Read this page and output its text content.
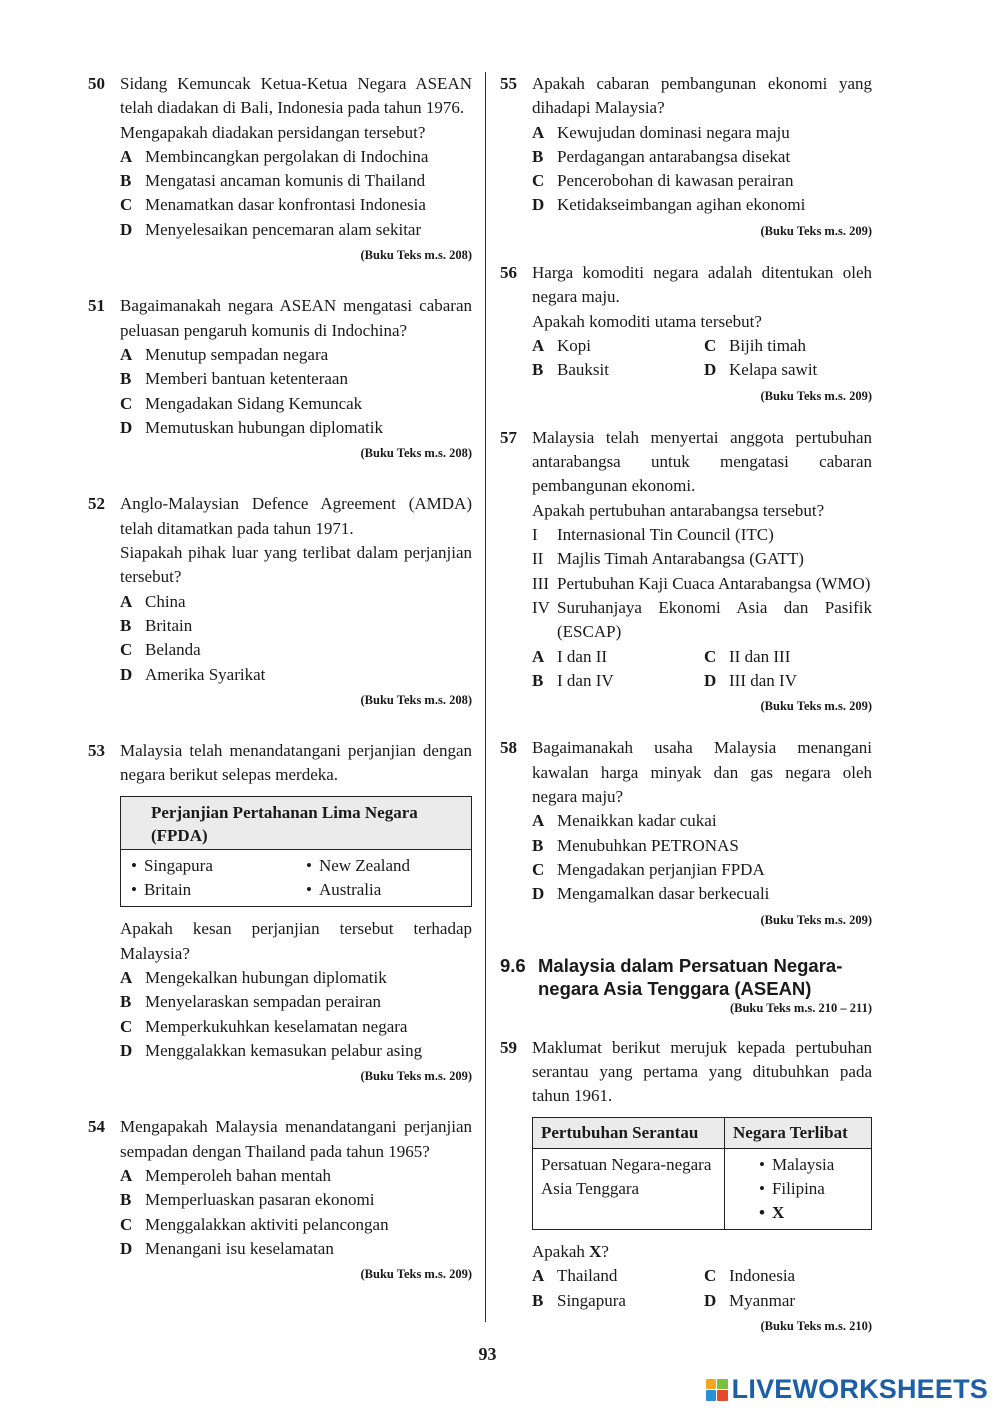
50 Sidang Kemuncak Ketua-Ketua Negara ASEAN telah diadakan di Bali, Indonesia pada tahun 1976.
Mengapakah diadakan persidangan tersebut?
A Membincangkan pergolakan di Indochina
B Mengatasi ancaman komunis di Thailand
C Menamatkan dasar konfrontasi Indonesia
D Menyelesaikan pencemaran alam sekitar
(Buku Teks m.s. 208)
51 Bagaimanakah negara ASEAN mengatasi cabaran peluasan pengaruh komunis di Indochina?
A Menutup sempadan negara
B Memberi bantuan ketenteraan
C Mengadakan Sidang Kemuncak
D Memutuskan hubungan diplomatik
(Buku Teks m.s. 208)
52 Anglo-Malaysian Defence Agreement (AMDA) telah ditamatkan pada tahun 1971.
Siapakah pihak luar yang terlibat dalam perjanjian tersebut?
A China
B Britain
C Belanda
D Amerika Syarikat
(Buku Teks m.s. 208)
53 Malaysia telah menandatangani perjanjian dengan negara berikut selepas merdeka.
Perjanjian Pertahanan Lima Negara (FPDA)
• Singapura	• New Zealand
• Britain	• Australia
Apakah kesan perjanjian tersebut terhadap Malaysia?
A Mengekalkan hubungan diplomatik
B Menyelaraskan sempadan perairan
C Memperkukuhkan keselamatan negara
D Menggalakkan kemasukan pelabur asing
(Buku Teks m.s. 209)
54 Mengapakah Malaysia menandatangani perjanjian sempadan dengan Thailand pada tahun 1965?
A Memperoleh bahan mentah
B Memperluaskan pasaran ekonomi
C Menggalakkan aktiviti pelancongan
D Menangani isu keselamatan
(Buku Teks m.s. 209)
55 Apakah cabaran pembangunan ekonomi yang dihadapi Malaysia?
A Kewujudan dominasi negara maju
B Perdagangan antarabangsa disekat
C Pencerobohan di kawasan perairan
D Ketidakseimbangan agihan ekonomi
(Buku Teks m.s. 209)
56 Harga komoditi negara adalah ditentukan oleh negara maju.
Apakah komoditi utama tersebut?
A Kopi	C Bijih timah
B Bauksit	D Kelapa sawit
(Buku Teks m.s. 209)
57 Malaysia telah menyertai anggota pertubuhan antarabangsa untuk mengatasi cabaran pembangunan ekonomi.
Apakah pertubuhan antarabangsa tersebut?
I	Internasional Tin Council (ITC)
II Majlis Timah Antarabangsa (GATT)
III Pertubuhan Kaji Cuaca Antarabangsa (WMO)
IV Suruhanjaya Ekonomi Asia dan Pasifik (ESCAP)
A I dan II	C II dan III
B I dan IV	D III dan IV
(Buku Teks m.s. 209)
58 Bagaimanakah usaha Malaysia menangani kawalan harga minyak dan gas negara oleh negara maju?
A Menaikkan kadar cukai
B Menubuhkan PETRONAS
C Mengadakan perjanjian FPDA
D Mengamalkan dasar berkecuali
(Buku Teks m.s. 209)
9.6 Malaysia dalam Persatuan Negara-negara Asia Tenggara (ASEAN)
(Buku Teks m.s. 210 – 211)
59 Maklumat berikut merujuk kepada pertubuhan serantau yang pertama yang ditubuhkan pada tahun 1961.
Pertubuhan Serantau	Negara Terlibat
Persatuan Negara-negara Asia Tenggara	• Malaysia
• Filipina
• X
Apakah X?
A Thailand	C Indonesia
B Singapura	D Myanmar
(Buku Teks m.s. 210)
93
LIVEWORKSHEETS
